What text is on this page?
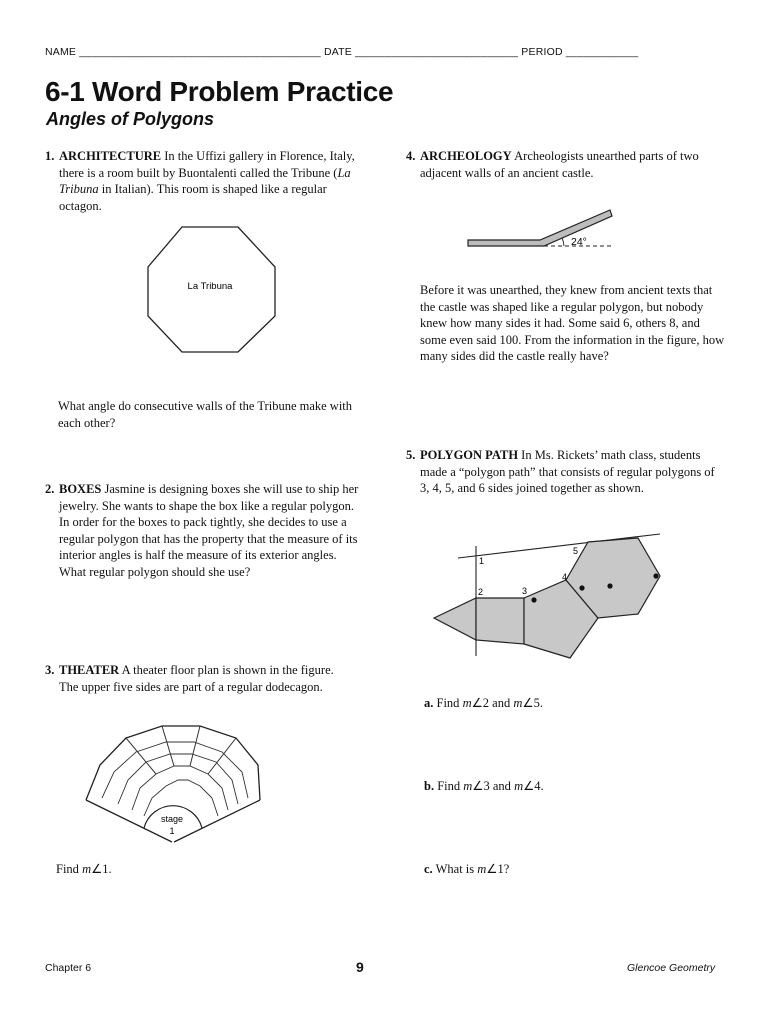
NAME ________________________________________ DATE ___________________________ PERIOD ____________
6-1 Word Problem Practice
Angles of Polygons
1. ARCHITECTURE In the Uffizi gallery in Florence, Italy, there is a room built by Buontalenti called the Tribune (La Tribuna in Italian). This room is shaped like a regular octagon.
La Tribuna
What angle do consecutive walls of the Tribune make with each other?
2. BOXES Jasmine is designing boxes she will use to ship her jewelry. She wants to shape the box like a regular polygon. In order for the boxes to pack tightly, she decides to use a regular polygon that has the property that the measure of its interior angles is half the measure of its exterior angles. What regular polygon should she use?
3. THEATER A theater floor plan is shown in the figure. The upper five sides are part of a regular dodecagon.
stage
1
Find m∠1.
4. ARCHEOLOGY Archeologists unearthed parts of two adjacent walls of an ancient castle.
24°
Before it was unearthed, they knew from ancient texts that the castle was shaped like a regular polygon, but nobody knew how many sides it had. Some said 6, others 8, and some even said 100. From the information in the figure, how many sides did the castle really have?
5. POLYGON PATH In Ms. Rickets’ math class, students made a “polygon path” that consists of regular polygons of 3, 4, 5, and 6 sides joined together as shown.
1
2	3
4
5
a. Find m∠2 and m∠5.
b. Find m∠3 and m∠4.
c. What is m∠1?
Chapter 6	9	Glencoe Geometry
